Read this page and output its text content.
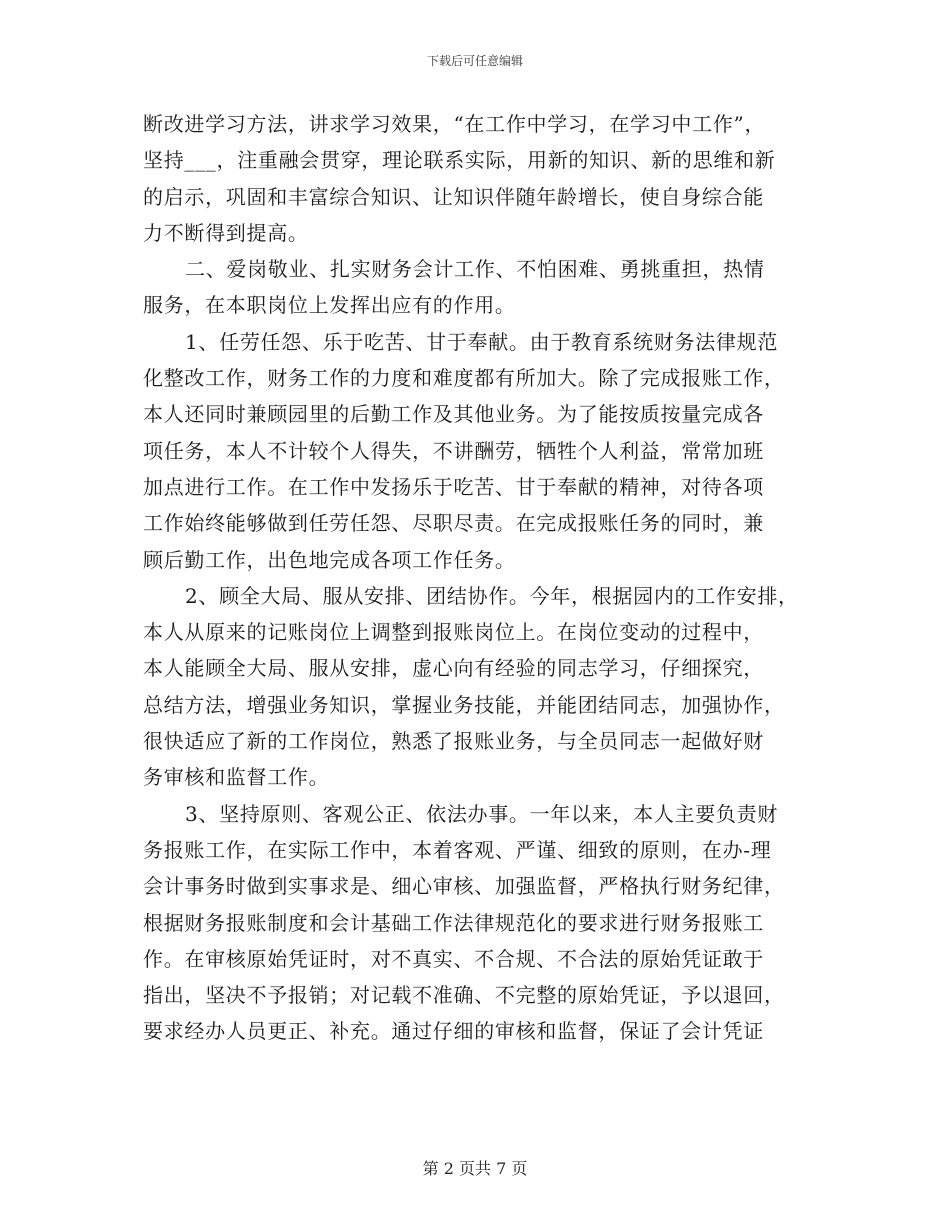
下载后可任意编辑
断改进学习方法，讲求学习效果，“在工作中学习，在学习中工作”，
坚持___，注重融会贯穿，理论联系实际，用新的知识、新的思维和新
的启示，巩固和丰富综合知识、让知识伴随年龄增长，使自身综合能
力不断得到提高。
二、爱岗敬业、扎实财务会计工作、不怕困难、勇挑重担，热情
服务，在本职岗位上发挥出应有的作用。
1、任劳任怨、乐于吃苦、甘于奉献。由于教育系统财务法律规范
化整改工作，财务工作的力度和难度都有所加大。除了完成报账工作，
本人还同时兼顾园里的后勤工作及其他业务。为了能按质按量完成各
项任务，本人不计较个人得失，不讲酬劳，牺牲个人利益，常常加班
加点进行工作。在工作中发扬乐于吃苦、甘于奉献的精神，对待各项
工作始终能够做到任劳任怨、尽职尽责。在完成报账任务的同时，兼
顾后勤工作，出色地完成各项工作任务。
2、顾全大局、服从安排、团结协作。今年，根据园内的工作安排，
本人从原来的记账岗位上调整到报账岗位上。在岗位变动的过程中，
本人能顾全大局、服从安排，虚心向有经验的同志学习，仔细探究，
总结方法，增强业务知识，掌握业务技能，并能团结同志，加强协作，
很快适应了新的工作岗位，熟悉了报账业务，与全员同志一起做好财
务审核和监督工作。
3、坚持原则、客观公正、依法办事。一年以来，本人主要负责财
务报账工作，在实际工作中，本着客观、严谨、细致的原则，在办-理
会计事务时做到实事求是、细心审核、加强监督，严格执行财务纪律，
根据财务报账制度和会计基础工作法律规范化的要求进行财务报账工
作。在审核原始凭证时，对不真实、不合规、不合法的原始凭证敢于
指出，坚决不予报销；对记载不准确、不完整的原始凭证，予以退回，
要求经办人员更正、补充。通过仔细的审核和监督，保证了会计凭证
第 2 页共 7 页
